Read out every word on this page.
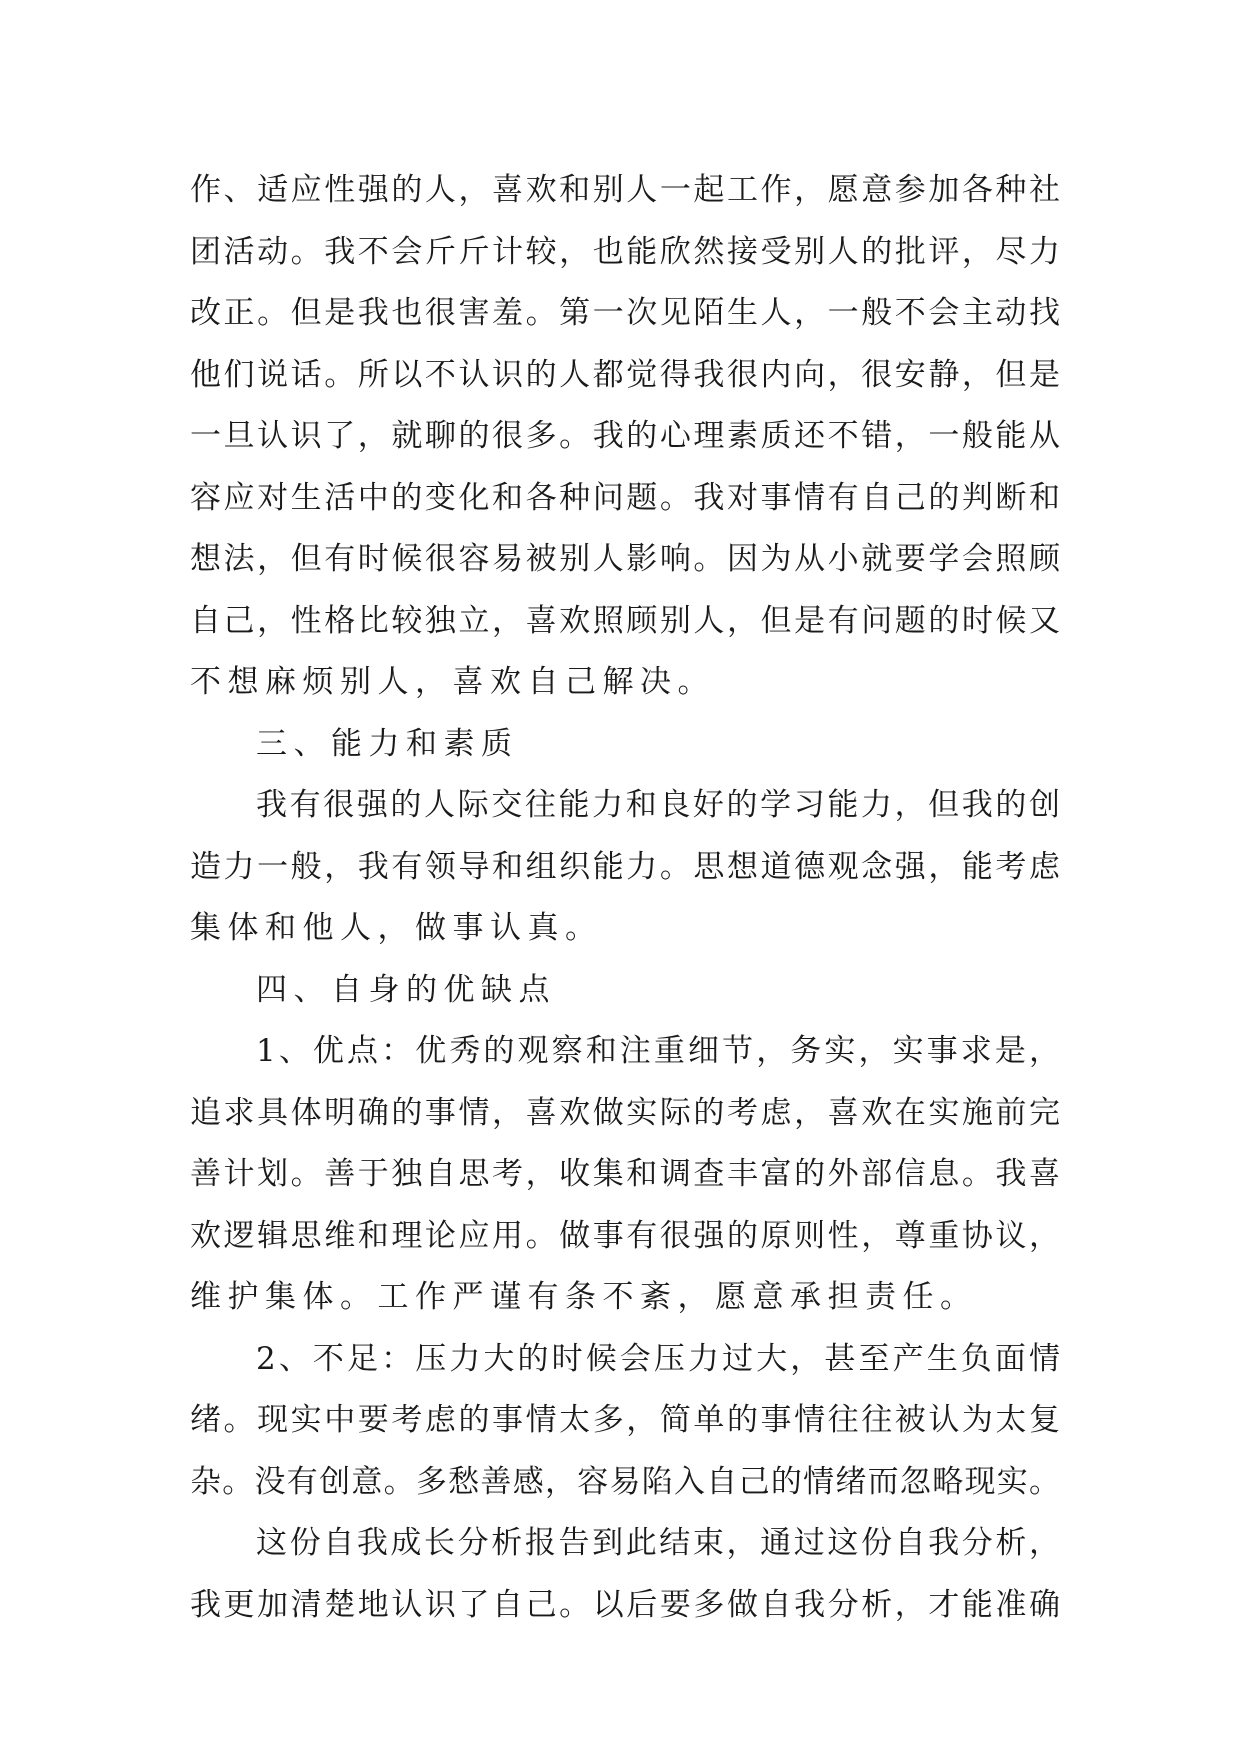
作、适应性强的人，喜欢和别人一起工作，愿意参加各种社
团活动。我不会斤斤计较，也能欣然接受别人的批评，尽力
改正。但是我也很害羞。第一次见陌生人，一般不会主动找
他们说话。所以不认识的人都觉得我很内向，很安静，但是
一旦认识了，就聊的很多。我的心理素质还不错，一般能从
容应对生活中的变化和各种问题。我对事情有自己的判断和
想法，但有时候很容易被别人影响。因为从小就要学会照顾
自己，性格比较独立，喜欢照顾别人，但是有问题的时候又
不想麻烦别人，喜欢自己解决。
三、能力和素质
我有很强的人际交往能力和良好的学习能力，但我的创
造力一般，我有领导和组织能力。思想道德观念强，能考虑
集体和他人，做事认真。
四、自身的优缺点
1、优点：优秀的观察和注重细节，务实，实事求是，
追求具体明确的事情，喜欢做实际的考虑，喜欢在实施前完
善计划。善于独自思考，收集和调查丰富的外部信息。我喜
欢逻辑思维和理论应用。做事有很强的原则性，尊重协议，
维护集体。工作严谨有条不紊，愿意承担责任。
2、不足：压力大的时候会压力过大，甚至产生负面情
绪。现实中要考虑的事情太多，简单的事情往往被认为太复
杂。没有创意。多愁善感，容易陷入自己的情绪而忽略现实。
这份自我成长分析报告到此结束，通过这份自我分析，
我更加清楚地认识了自己。以后要多做自我分析，才能准确
